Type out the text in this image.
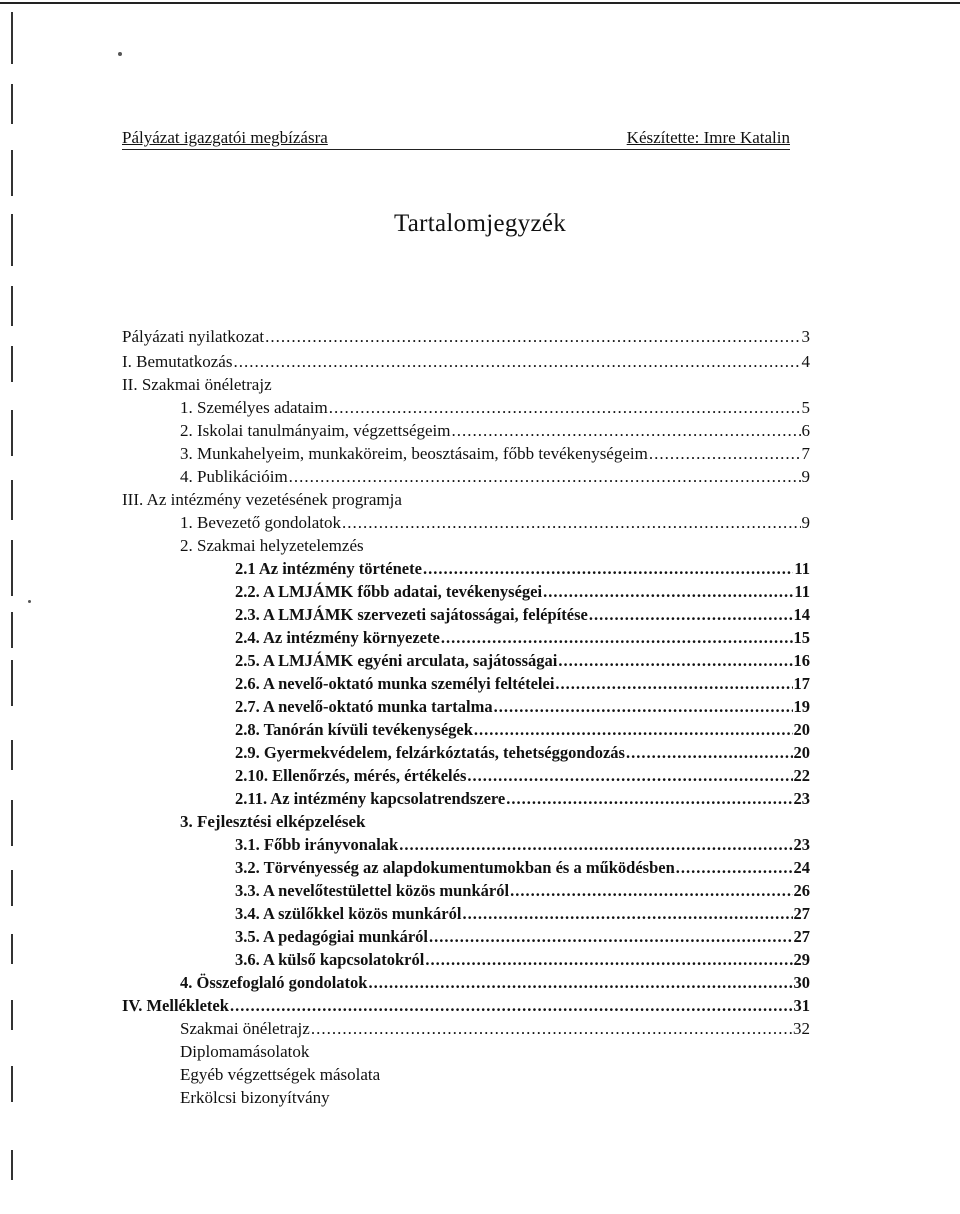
Pályázat igazgatói megbízásra	Készítette: Imre Katalin
Tartalomjegyzék
Pályázati nyilatkozat .....	3
I. Bemutatkozás .....	4
II. Szakmai önéletrajz
1. Személyes adataim .....	5
2. Iskolai tanulmányaim, végzettségeim .....	6
3. Munkahelyeim, munkaköreim, beosztásaim, főbb tevékenységeim .....	7
4. Publikációim .....	9
III. Az intézmény vezetésének programja
1. Bevezető gondolatok .....	9
2. Szakmai helyzetelemzés
2.1 Az intézmény története .....	11
2.2. A LMJÁMK főbb adatai, tevékenységei .....	11
2.3. A LMJÁMK szervezeti sajátosságai, felépítése .....	14
2.4. Az intézmény környezete .....	15
2.5. A LMJÁMK egyéni arculata, sajátosságai .....	16
2.6. A nevelő-oktató munka személyi feltételei .....	17
2.7. A nevelő-oktató munka tartalma .....	19
2.8. Tanórán kívüli tevékenységek .....	20
2.9. Gyermekvédelem, felzárkóztatás, tehetséggondozás .....	20
2.10. Ellenőrzés, mérés, értékelés .....	22
2.11. Az intézmény kapcsolatrendszere .....	23
3. Fejlesztési elképzelések
3.1. Főbb irányvonalak .....	23
3.2. Törvényesség az alapdokumentumokban és a működésben .....	24
3.3. A nevelőtestülettel közös munkáról .....	26
3.4. A szülőkkel közös munkáról .....	27
3.5. A pedagógiai munkáról .....	27
3.6. A külső kapcsolatokról .....	29
4. Összefoglaló gondolatok .....	30
IV. Mellékletek .....	31
Szakmai önéletrajz .....	32
Diplomamásolatok
Egyéb végzettségek másolata
Erkölcsi bizonyítvány
